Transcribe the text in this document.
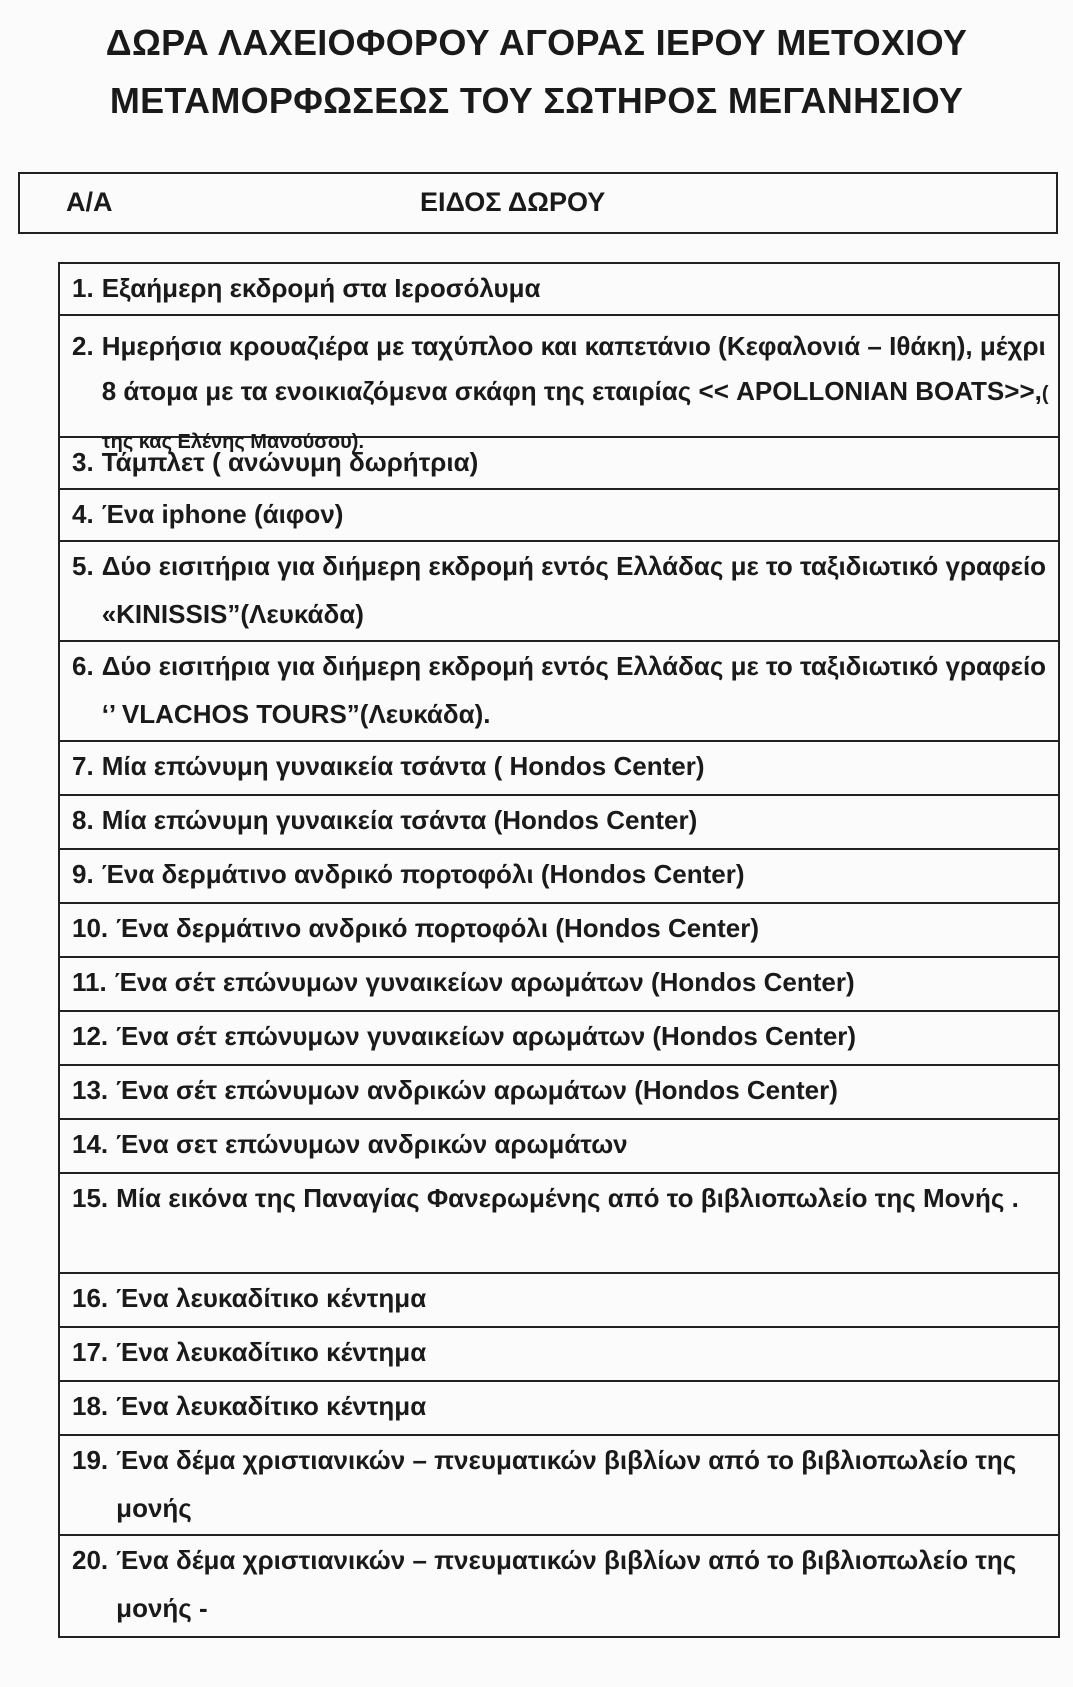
ΔΩΡΑ ΛΑΧΕΙΟΦΟΡΟΥ ΑΓΟΡΑΣ ΙΕΡΟΥ ΜΕΤΟΧΙΟΥ
ΜΕΤΑΜΟΡΦΩΣΕΩΣ ΤΟΥ ΣΩΤΗΡΟΣ ΜΕΓΑΝΗΣΙΟΥ
Α/Α	ΕΙΔΟΣ ΔΩΡΟΥ
1. Εξαήμερη εκδρομή στα Ιεροσόλυμα
2. Ημερήσια κρουαζιέρα με ταχύπλοο και καπετάνιο (Κεφαλονιά – Ιθάκη), μέχρι 8 άτομα με τα ενοικιαζόμενα σκάφη της εταιρίας << APOLLONIAN BOATS>>,( της κας Ελένης Μανούσου).
3. Τάμπλετ ( ανώνυμη δωρήτρια)
4. Ένα iphone (άιφον)
5. Δύο εισιτήρια για διήμερη εκδρομή εντός Ελλάδας με το ταξιδιωτικό γραφείο «KINISSIS”(Λευκάδα)
6. Δύο εισιτήρια για διήμερη εκδρομή εντός Ελλάδας με το ταξιδιωτικό γραφείο ‘’ VLACHOS TOURS”(Λευκάδα).
7. Μία επώνυμη γυναικεία τσάντα ( Hondos Center)
8. Μία επώνυμη γυναικεία τσάντα (Hondos Center)
9. Ένα δερμάτινο ανδρικό πορτοφόλι (Hondos Center)
10. Ένα δερμάτινο ανδρικό πορτοφόλι (Hondos Center)
11. Ένα σέτ επώνυμων γυναικείων αρωμάτων (Hondos Center)
12. Ένα σέτ επώνυμων γυναικείων αρωμάτων (Hondos Center)
13. Ένα σέτ επώνυμων ανδρικών αρωμάτων (Hondos Center)
14. Ένα σετ επώνυμων ανδρικών αρωμάτων
15. Μία εικόνα της Παναγίας Φανερωμένης από το βιβλιοπωλείο της Μονής .
16. Ένα λευκαδίτικο κέντημα
17. Ένα λευκαδίτικο κέντημα
18. Ένα λευκαδίτικο κέντημα
19. Ένα δέμα χριστιανικών – πνευματικών βιβλίων από το βιβλιοπωλείο της μονής
20. Ένα δέμα χριστιανικών – πνευματικών βιβλίων από το βιβλιοπωλείο της μονής -
